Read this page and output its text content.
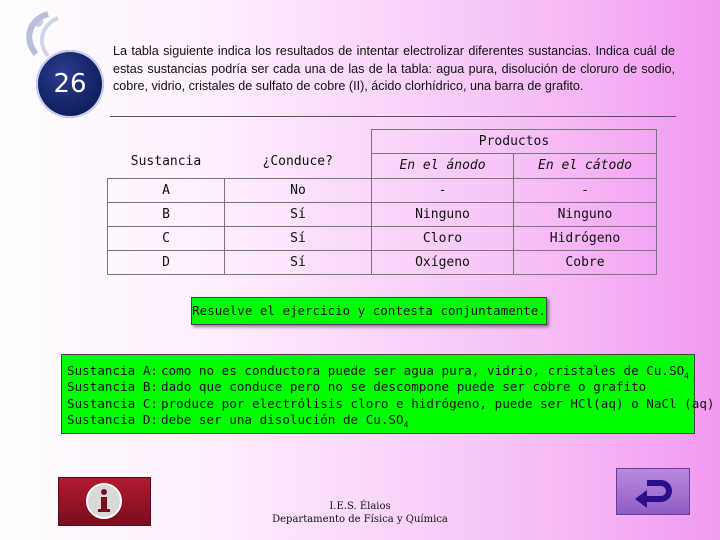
26
La tabla siguiente indica los resultados de intentar electrolizar diferentes sustancias. Indica cuál de estas sustancias podría ser cada una de las de la tabla: agua pura, disolución de cloruro de sodio, cobre, vidrio, cristales de sulfato de cobre (II), ácido clorhídrico, una barra de grafito.
		Productos	
Sustancia	¿Conduce?	En el ánodo	En el cátodo
A	No	-	-
B	Sí	Ninguno	Ninguno
C	Sí	Cloro	Hidrógeno
D	Sí	Oxígeno	Cobre
Resuelve el ejercicio y contesta conjuntamente.
Sustancia A: como no es conductora puede ser agua pura, vidrio, cristales de $Cu.SO_4$
Sustancia B: dado que conduce pero no se descompone puede ser cobre o grafito
Sustancia C: produce por electrólisis cloro e hidrógeno, puede ser HCl(aq) o NaCl (aq)
Sustancia D: debe ser una disolución de $Cu.SO_4$
I.E.S. Élaios
Departamento de Física y Química
